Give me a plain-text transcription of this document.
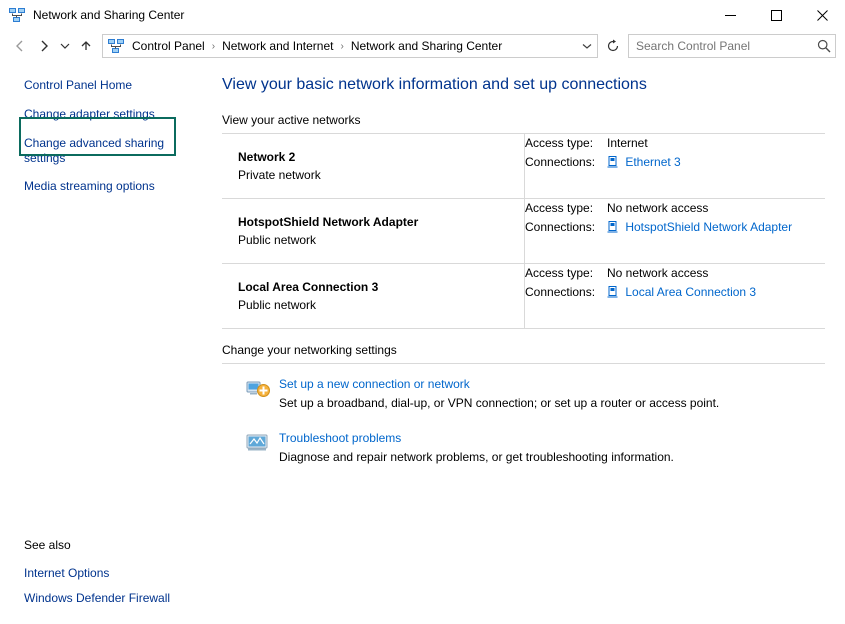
Network and Sharing Center
Control Panel › Network and Internet › Network and Sharing Center
Search Control Panel
Control Panel Home
Change adapter settings
Change advanced sharing settings
Media streaming options
See also
Internet Options
Windows Defender Firewall
View your basic network information and set up connections
View your active networks
Network 2
Private network

Access type:	Internet
Connections:	Ethernet 3
HotspotShield Network Adapter
Public network

Access type:	No network access
Connections:	HotspotShield Network Adapter
Local Area Connection 3
Public network

Access type:	No network access
Connections:	Local Area Connection 3
Change your networking settings
Set up a new connection or network
Set up a broadband, dial-up, or VPN connection; or set up a router or access point.
Troubleshoot problems
Diagnose and repair network problems, or get troubleshooting information.
